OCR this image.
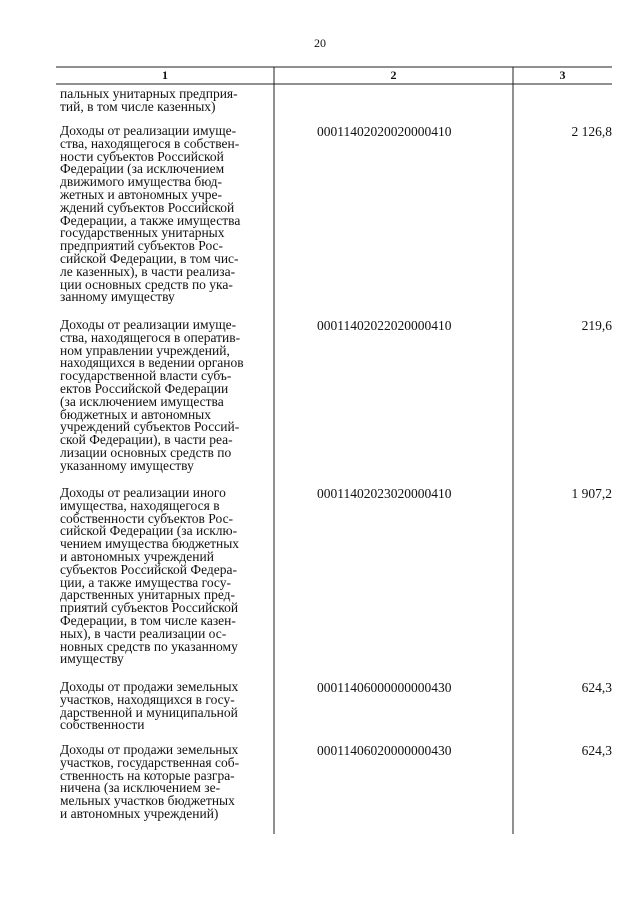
20
1	2	3
пальных унитарных предприя-
тий, в том числе казенных)
Доходы от реализации имуще-
ства, находящегося в собствен-
ности субъектов Российской
Федерации (за исключением
движимого имущества бюд-
жетных и автономных учре-
ждений субъектов Российской
Федерации, а также имущества
государственных унитарных
предприятий субъектов Рос-
сийской Федерации, в том чис-
ле казенных), в части реализа-
ции основных средств по ука-
занному имуществу
00011402020020000410	2 126,8
Доходы от реализации имуще-
ства, находящегося в оператив-
ном управлении учреждений,
находящихся в ведении органов
государственной власти субъ-
ектов Российской Федерации
(за исключением имущества
бюджетных и автономных
учреждений субъектов Россий-
ской Федерации), в части реа-
лизации основных средств по
указанному имуществу
00011402022020000410	219,6
Доходы от реализации иного
имущества, находящегося в
собственности субъектов Рос-
сийской Федерации (за исклю-
чением имущества бюджетных
и автономных учреждений
субъектов Российской Федера-
ции, а также имущества госу-
дарственных унитарных пред-
приятий субъектов Российской
Федерации, в том числе казен-
ных), в части реализации ос-
новных средств по указанному
имуществу
00011402023020000410	1 907,2
Доходы от продажи земельных
участков, находящихся в госу-
дарственной и муниципальной
собственности
00011406000000000430	624,3
Доходы от продажи земельных
участков, государственная соб-
ственность на которые разгра-
ничена (за исключением зе-
мельных участков бюджетных
и автономных учреждений)
00011406020000000430	624,3
